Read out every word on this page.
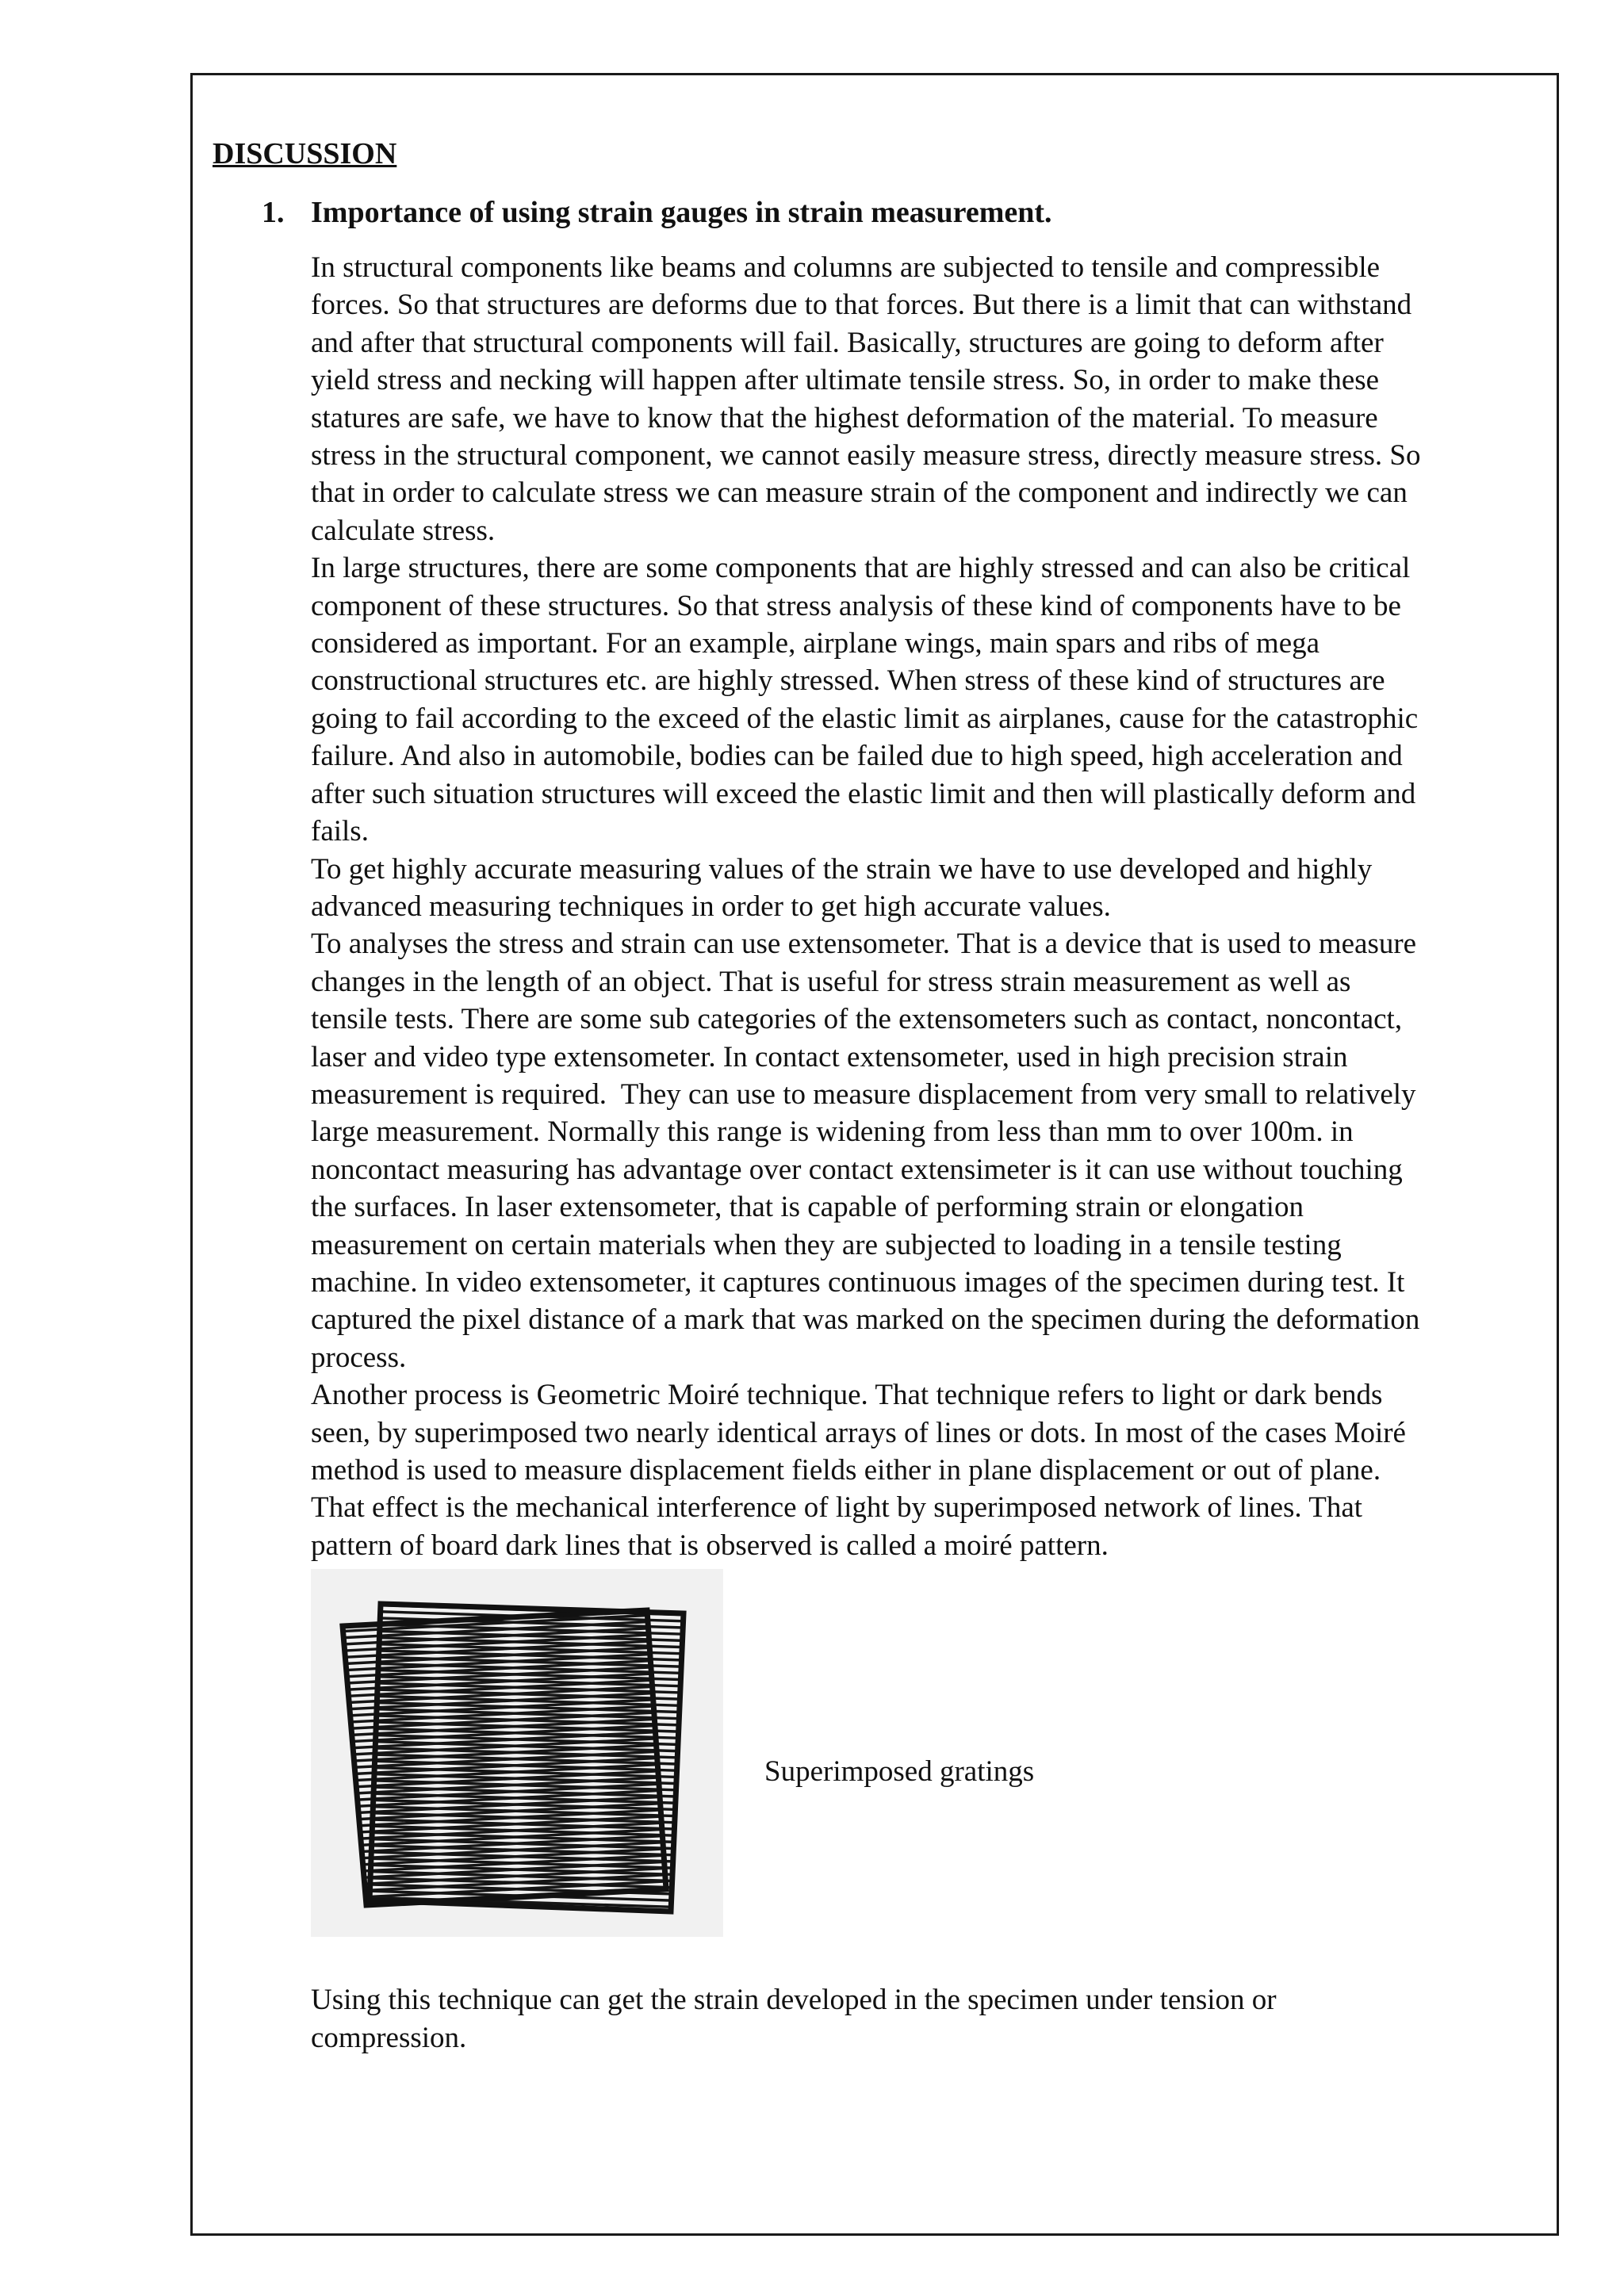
DISCUSSION
1. Importance of using strain gauges in strain measurement.

In structural components like beams and columns are subjected to tensile and compressible
forces. So that structures are deforms due to that forces. But there is a limit that can withstand
and after that structural components will fail. Basically, structures are going to deform after
yield stress and necking will happen after ultimate tensile stress. So, in order to make these
statures are safe, we have to know that the highest deformation of the material. To measure
stress in the structural component, we cannot easily measure stress, directly measure stress. So
that in order to calculate stress we can measure strain of the component and indirectly we can
calculate stress.

In large structures, there are some components that are highly stressed and can also be critical
component of these structures. So that stress analysis of these kind of components have to be
considered as important. For an example, airplane wings, main spars and ribs of mega
constructional structures etc. are highly stressed. When stress of these kind of structures are
going to fail according to the exceed of the elastic limit as airplanes, cause for the catastrophic
failure. And also in automobile, bodies can be failed due to high speed, high acceleration and
after such situation structures will exceed the elastic limit and then will plastically deform and
fails.

To get highly accurate measuring values of the strain we have to use developed and highly
advanced measuring techniques in order to get high accurate values.

To analyses the stress and strain can use extensometer. That is a device that is used to measure
changes in the length of an object. That is useful for stress strain measurement as well as
tensile tests. There are some sub categories of the extensometers such as contact, noncontact,
laser and video type extensometer. In contact extensometer, used in high precision strain
measurement is required.  They can use to measure displacement from very small to relatively
large measurement. Normally this range is widening from less than mm to over 100m. in
noncontact measuring has advantage over contact extensimeter is it can use without touching
the surfaces. In laser extensometer, that is capable of performing strain or elongation
measurement on certain materials when they are subjected to loading in a tensile testing
machine. In video extensometer, it captures continuous images of the specimen during test. It
captured the pixel distance of a mark that was marked on the specimen during the deformation
process.

Another process is Geometric Moiré technique. That technique refers to light or dark bends
seen, by superimposed two nearly identical arrays of lines or dots. In most of the cases Moiré
method is used to measure displacement fields either in plane displacement or out of plane.
That effect is the mechanical interference of light by superimposed network of lines. That
pattern of board dark lines that is observed is called a moiré pattern.

Superimposed gratings

Using this technique can get the strain developed in the specimen under tension or
compression.
